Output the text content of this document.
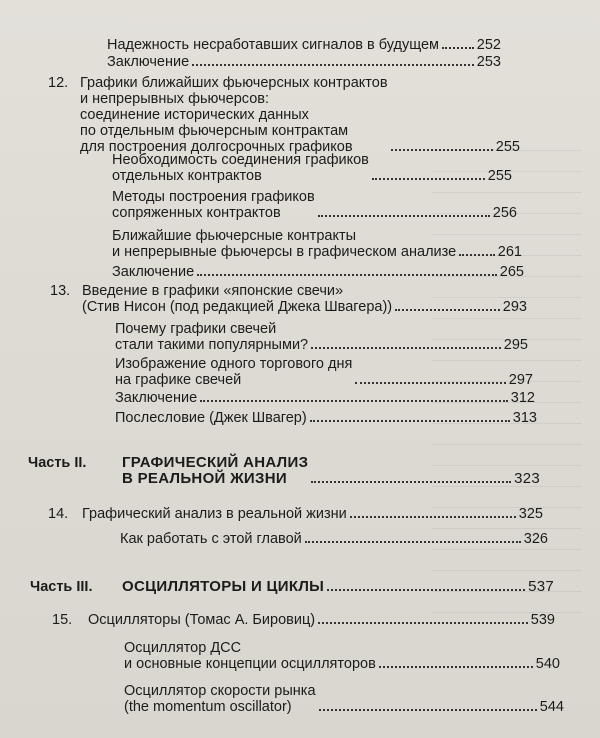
Надежность несработавших сигналов в будущем	252
Заключение	253
12. Графики ближайших фьючерсных контрактов
и непрерывных фьючерсов:
соединение исторических данных
по отдельным фьючерсным контрактам
для построения долгосрочных графиков	255
Необходимость соединения графиков
отдельных контрактов	255
Методы построения графиков
сопряженных контрактов	256
Ближайшие фьючерсные контракты
и непрерывные фьючерсы в графическом анализе	261
Заключение	265
13. Введение в графики «японские свечи»
(Стив Нисон (под редакцией Джека Швагера))	293
Почему графики свечей
стали такими популярными?	295
Изображение одного торгового дня
на графике свечей	297
Заключение	312
Послесловие (Джек Швагер)	313
Часть II. ГРАФИЧЕСКИЙ АНАЛИЗ
В РЕАЛЬНОЙ ЖИЗНИ	323
14. Графический анализ в реальной жизни	325
Как работать с этой главой	326
Часть III. ОСЦИЛЛЯТОРЫ И ЦИКЛЫ	537
15. Осцилляторы (Томас А. Бировиц)	539
Осциллятор ДСС
и основные концепции осцилляторов	540
Осциллятор скорости рынка
(the momentum oscillator)	544
